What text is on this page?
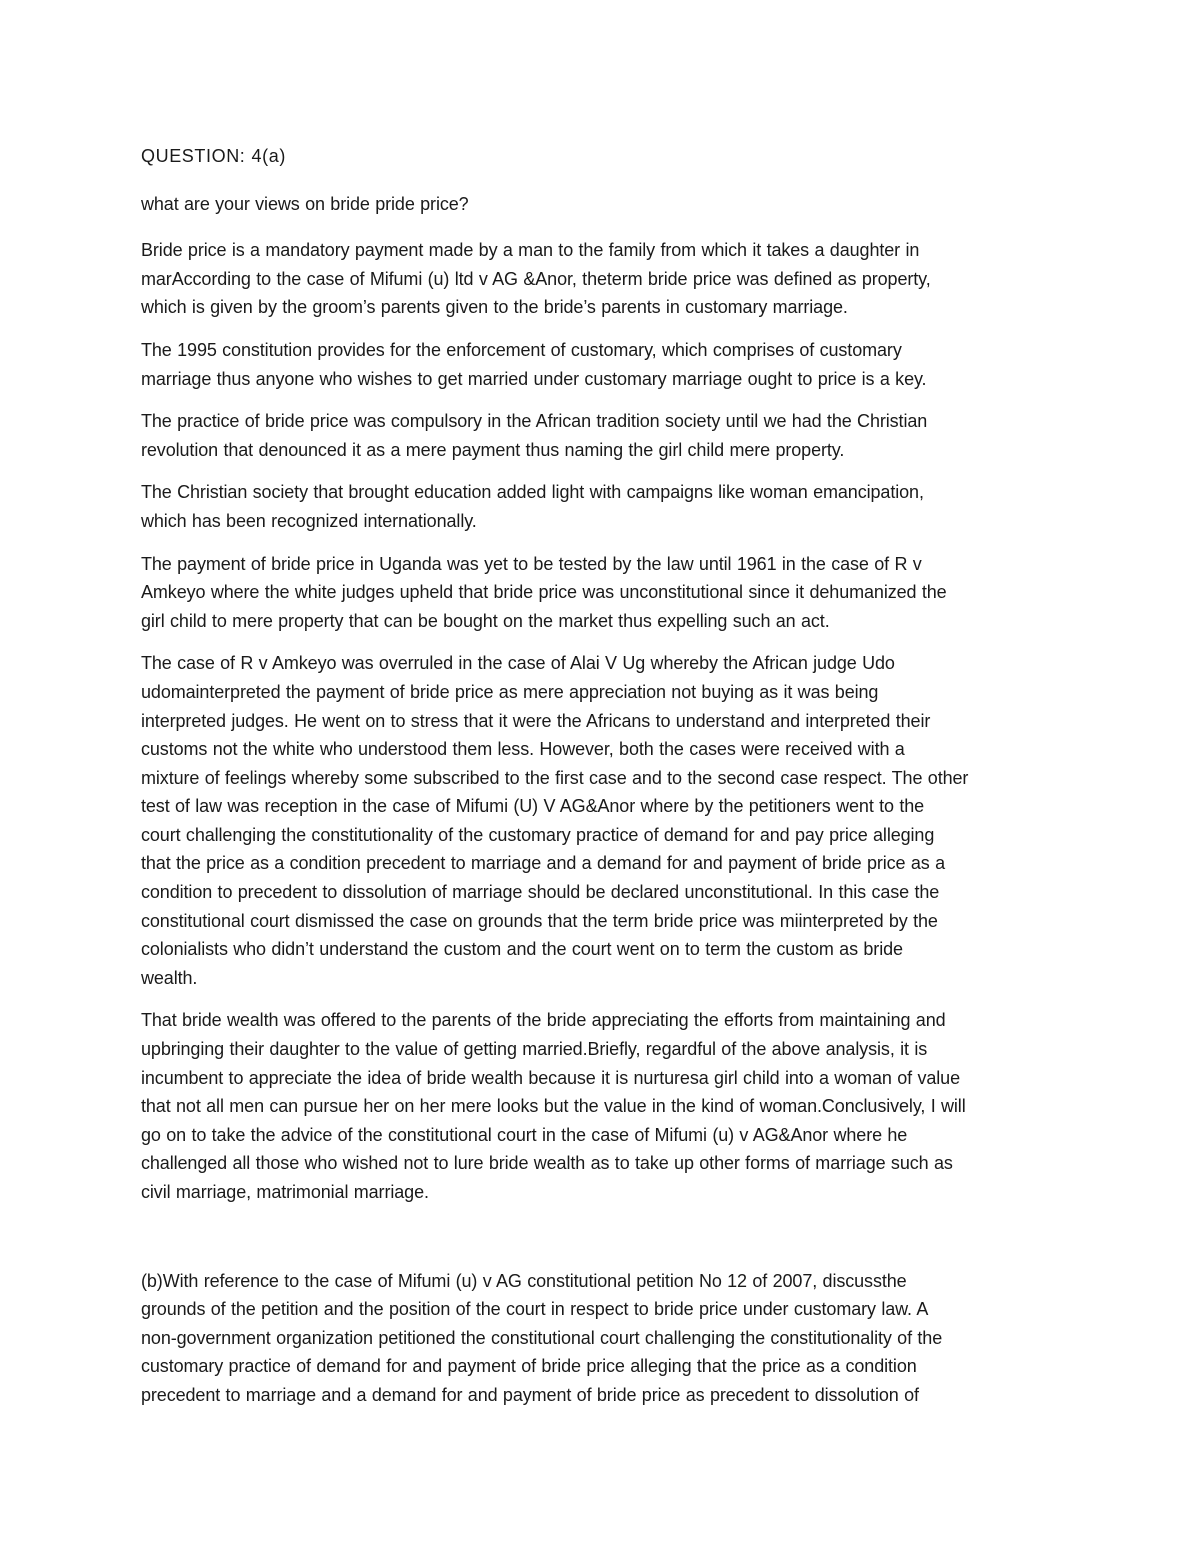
QUESTION: 4(a)

what are your views on bride pride price?

Bride price is a mandatory payment made by a man to the family from which it takes a daughter in
marAccording to the case of Mifumi (u) ltd v AG &Anor, theterm bride price was defined as property,
which is given by the groom’s parents given to the bride’s parents in customary marriage.

The 1995 constitution provides for the enforcement of customary, which comprises of customary
marriage thus anyone who wishes to get married under customary marriage ought to price is a key.

The practice of bride price was compulsory in the African tradition society until we had the Christian
revolution that denounced it as a mere payment thus naming the girl child mere property.

The Christian society that brought education added light with campaigns like woman emancipation,
which has been recognized internationally.

The payment of bride price in Uganda was yet to be tested by the law until 1961 in the case of R v
Amkeyo where the white judges upheld that bride price was unconstitutional since it dehumanized the
girl child to mere property that can be bought on the market thus expelling such an act.

The case of R v Amkeyo was overruled in the case of Alai V Ug whereby the African judge Udo
udomainterpreted the payment of bride price as mere appreciation not buying as it was being
interpreted judges. He went on to stress that it were the Africans to understand and interpreted their
customs not the white who understood them less. However, both the cases were received with a
mixture of feelings whereby some subscribed to the first case and to the second case respect. The other
test of law was reception in the case of Mifumi (U) V AG&Anor where by the petitioners went to the
court challenging the constitutionality of the customary practice of demand for and pay price alleging
that the price as a condition precedent to marriage and a demand for and payment of bride price as a
condition to precedent to dissolution of marriage should be declared unconstitutional. In this case the
constitutional court dismissed the case on grounds that the term bride price was miinterpreted by the
colonialists who didn’t understand the custom and the court went on to term the custom as bride
wealth.

That bride wealth was offered to the parents of the bride appreciating the efforts from maintaining and
upbringing their daughter to the value of getting married.Briefly, regardful of the above analysis, it is
incumbent to appreciate the idea of bride wealth because it is nurturesa girl child into a woman of value
that not all men can pursue her on her mere looks but the value in the kind of woman.Conclusively, I will
go on to take the advice of the constitutional court in the case of Mifumi (u) v AG&Anor where he
challenged all those who wished not to lure bride wealth as to take up other forms of marriage such as
civil marriage, matrimonial marriage.

(b)With reference to the case of Mifumi (u) v AG constitutional petition No 12 of 2007, discussthe
grounds of the petition and the position of the court in respect to bride price under customary law. A
non-government organization petitioned the constitutional court challenging the constitutionality of the
customary practice of demand for and payment of bride price alleging that the price as a condition
precedent to marriage and a demand for and payment of bride price as precedent to dissolution of
